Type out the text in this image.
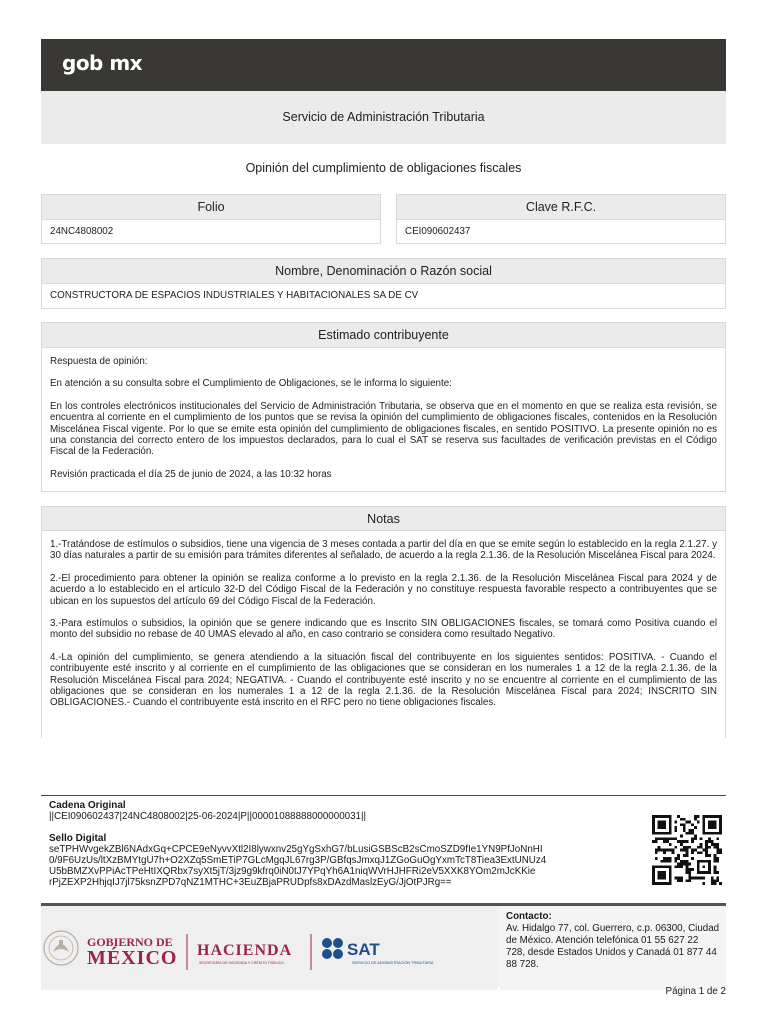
gob mx
Servicio de Administración Tributaria
Opinión del cumplimiento de obligaciones fiscales
Folio
24NC4808002
Clave R.F.C.
CEI090602437
Nombre, Denominación o Razón social
CONSTRUCTORA DE ESPACIOS INDUSTRIALES Y HABITACIONALES SA DE CV
Estimado contribuyente

Respuesta de opinión:

En atención a su consulta sobre el Cumplimiento de Obligaciones, se le informa lo siguiente:

En los controles electrónicos institucionales del Servicio de Administración Tributaria, se observa que en el momento en que se realiza esta revisión, se encuentra al corriente en el cumplimiento de los puntos que se revisa la opinión del cumplimiento de obligaciones fiscales, contenidos en la Resolución Miscelánea Fiscal vigente. Por lo que se emite esta opinión del cumplimiento de obligaciones fiscales, en sentido POSITIVO. La presente opinión no es una constancia del correcto entero de los impuestos declarados, para lo cual el SAT se reserva sus facultades de verificación previstas en el Código Fiscal de la Federación.

Revisión practicada el día 25 de junio de 2024, a las 10:32 horas

Notas

1.-Tratándose de estímulos o subsidios, tiene una vigencia de 3 meses contada a partir del día en que se emite según lo establecido en la regla 2.1.27. y 30 días naturales a partir de su emisión para trámites diferentes al señalado, de acuerdo a la regla 2.1.36. de la Resolución Miscelánea Fiscal para 2024.

2.-El procedimiento para obtener la opinión se realiza conforme a lo previsto en la regla 2.1.36. de la Resolución Miscelánea Fiscal para 2024 y de acuerdo a lo establecido en el artículo 32-D del Código Fiscal de la Federación y no constituye respuesta favorable respecto a contribuyentes que se ubican en los supuestos del artículo 69 del Código Fiscal de la Federación.

3.-Para estímulos o subsidios, la opinión que se genere indicando que es Inscrito SIN OBLIGACIONES fiscales, se tomará como Positiva cuando el monto del subsidio no rebase de 40 UMAS elevado al año, en caso contrario se considera como resultado Negativo.

4.-La opinión del cumplimiento, se genera atendiendo a la situación fiscal del contribuyente en los siguientes sentidos: POSITIVA. - Cuando el contribuyente esté inscrito y al corriente en el cumplimiento de las obligaciones que se consideran en los numerales 1 a 12 de la regla 2.1.36. de la Resolución Miscelánea Fiscal para 2024; NEGATIVA. - Cuando el contribuyente esté inscrito y no se encuentre al corriente en el cumplimiento de las obligaciones que se consideran en los numerales 1 a 12 de la regla 2.1.36. de la Resolución Miscelánea Fiscal para 2024; INSCRITO SIN OBLIGACIONES.- Cuando el contribuyente está inscrito en el RFC pero no tiene obligaciones fiscales.

Cadena Original
||CEI090602437|24NC4808002|25-06-2024|P||00001088888000000031||
Sello Digital
seTPHWvgekZBl6NAdxGq+CPCE9eNyvvXtl2I8lywxnv25gYgSxhG7/bLusiGSBScB2sCmoSZD9fIe1YN9PfJoNnHI
0/9F6UzUs/ltXzBMYtgU7h+O2XZq5SmETiP7GLcMgqJL67rg3P/GBfqsJmxqJ1ZGoGuOgYxmTcT8Tiea3ExtUNUz4
U5bBMZXvPPiAcTPeHtIXQRbx7syXt5jT/3jz9g9kfrq0iN0tJ7YPqYh6A1niqWVrHJHFRi2eV5XXK8YOm2mJcKKie
rPjZEXP2HhjqIJ7jl75ksnZPD7qNZ1MTHC+3EuZBjaPRUDpfs8xDAzdMaslzEyG/JjOtPJRg==
GOBIERNO DE
MÉXICO HACIENDA
SECRETARÍA DE HACIENDA Y CRÉDITO PÚBLICO
SAT
SERVICIO DE ADMINISTRACIÓN TRIBUTARIA
Contacto:
Av. Hidalgo 77, col. Guerrero, c.p. 06300, Ciudad de México. Atención telefónica 01 55 627 22 728, desde Estados Unidos y Canadá 01 877 44 88 728.
Página 1 de 2
